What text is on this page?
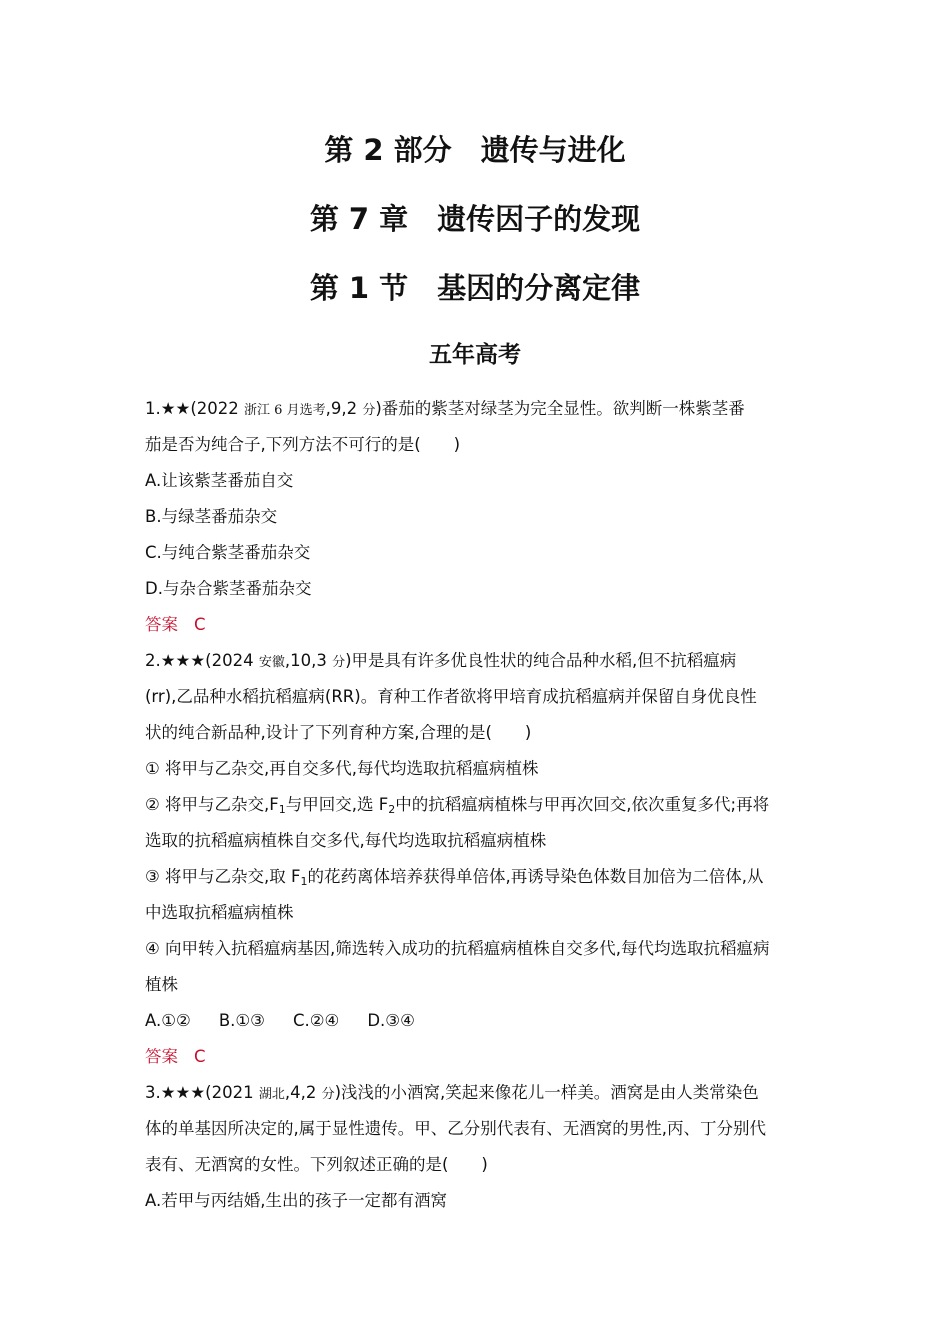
第 2 部分　遗传与进化
第 7 章　遗传因子的发现
第 1 节　基因的分离定律
五年高考
1.★★(2022 浙江 6 月选考,9,2 分)番茄的紫茎对绿茎为完全显性。欲判断一株紫茎番
茄是否为纯合子,下列方法不可行的是(　　)
A.让该紫茎番茄自交
B.与绿茎番茄杂交
C.与纯合紫茎番茄杂交
D.与杂合紫茎番茄杂交
答案 C
2.★★★(2024 安徽,10,3 分)甲是具有许多优良性状的纯合品种水稻,但不抗稻瘟病
(rr),乙品种水稻抗稻瘟病(RR)。育种工作者欲将甲培育成抗稻瘟病并保留自身优良性
状的纯合新品种,设计了下列育种方案,合理的是(　　)
① 将甲与乙杂交,再自交多代,每代均选取抗稻瘟病植株
② 将甲与乙杂交$,F_1$与甲回交,选 $F_2$中的抗稻瘟病植株与甲再次回交,依次重复多代;再将
选取的抗稻瘟病植株自交多代,每代均选取抗稻瘟病植株
③ 将甲与乙杂交,取 $F_1$的花药离体培养获得单倍体,再诱导染色体数目加倍为二倍体,从
中选取抗稻瘟病植株
④ 向甲转入抗稻瘟病基因,筛选转入成功的抗稻瘟病植株自交多代,每代均选取抗稻瘟病
植株
A.①② B.①③ C.②④ D.③④
答案 C
3.★★★(2021 湖北,4,2 分)浅浅的小酒窝,笑起来像花儿一样美。酒窝是由人类常染色
体的单基因所决定的,属于显性遗传。甲、乙分别代表有、无酒窝的男性,丙、丁分别代
表有、无酒窝的女性。下列叙述正确的是(　　)
A.若甲与丙结婚,生出的孩子一定都有酒窝
